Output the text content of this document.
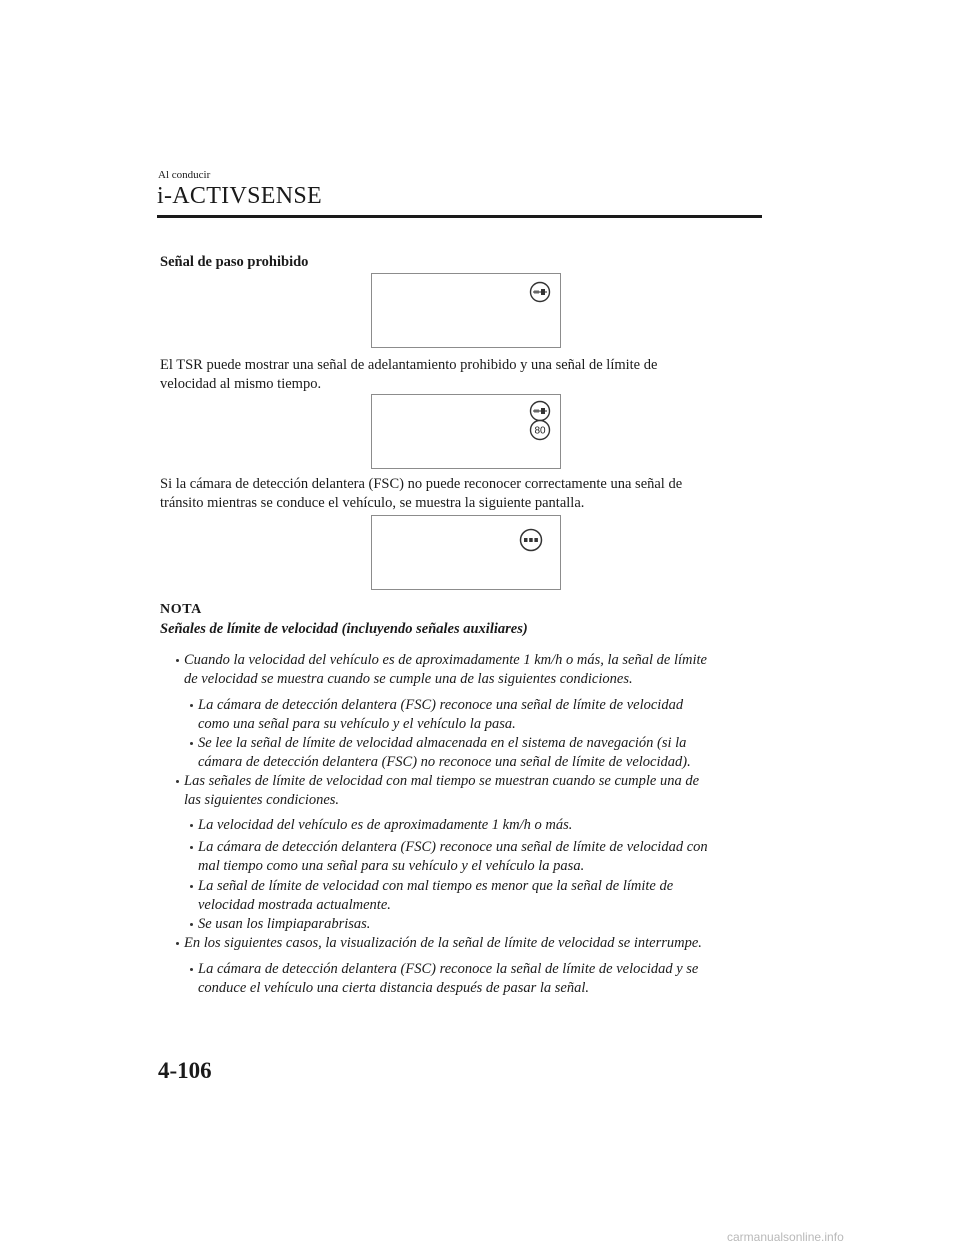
Al conducir
i-ACTIVSENSE
Señal de paso prohibido
El TSR puede mostrar una señal de adelantamiento prohibido y una señal de límite de
velocidad al mismo tiempo.
80
Si la cámara de detección delantera (FSC) no puede reconocer correctamente una señal de
tránsito mientras se conduce el vehículo, se muestra la siguiente pantalla.
NOTA
Señales de límite de velocidad (incluyendo señales auxiliares)
Cuando la velocidad del vehículo es de aproximadamente 1 km/h o más, la señal de límite
de velocidad se muestra cuando se cumple una de las siguientes condiciones.
La cámara de detección delantera (FSC) reconoce una señal de límite de velocidad
como una señal para su vehículo y el vehículo la pasa.
Se lee la señal de límite de velocidad almacenada en el sistema de navegación (si la
cámara de detección delantera (FSC) no reconoce una señal de límite de velocidad).
Las señales de límite de velocidad con mal tiempo se muestran cuando se cumple una de
las siguientes condiciones.
La velocidad del vehículo es de aproximadamente 1 km/h o más.
La cámara de detección delantera (FSC) reconoce una señal de límite de velocidad con
mal tiempo como una señal para su vehículo y el vehículo la pasa.
La señal de límite de velocidad con mal tiempo es menor que la señal de límite de
velocidad mostrada actualmente.
Se usan los limpiaparabrisas.
En los siguientes casos, la visualización de la señal de límite de velocidad se interrumpe.
La cámara de detección delantera (FSC) reconoce la señal de límite de velocidad y se
conduce el vehículo una cierta distancia después de pasar la señal.
4-106
carmanualsonline.info
